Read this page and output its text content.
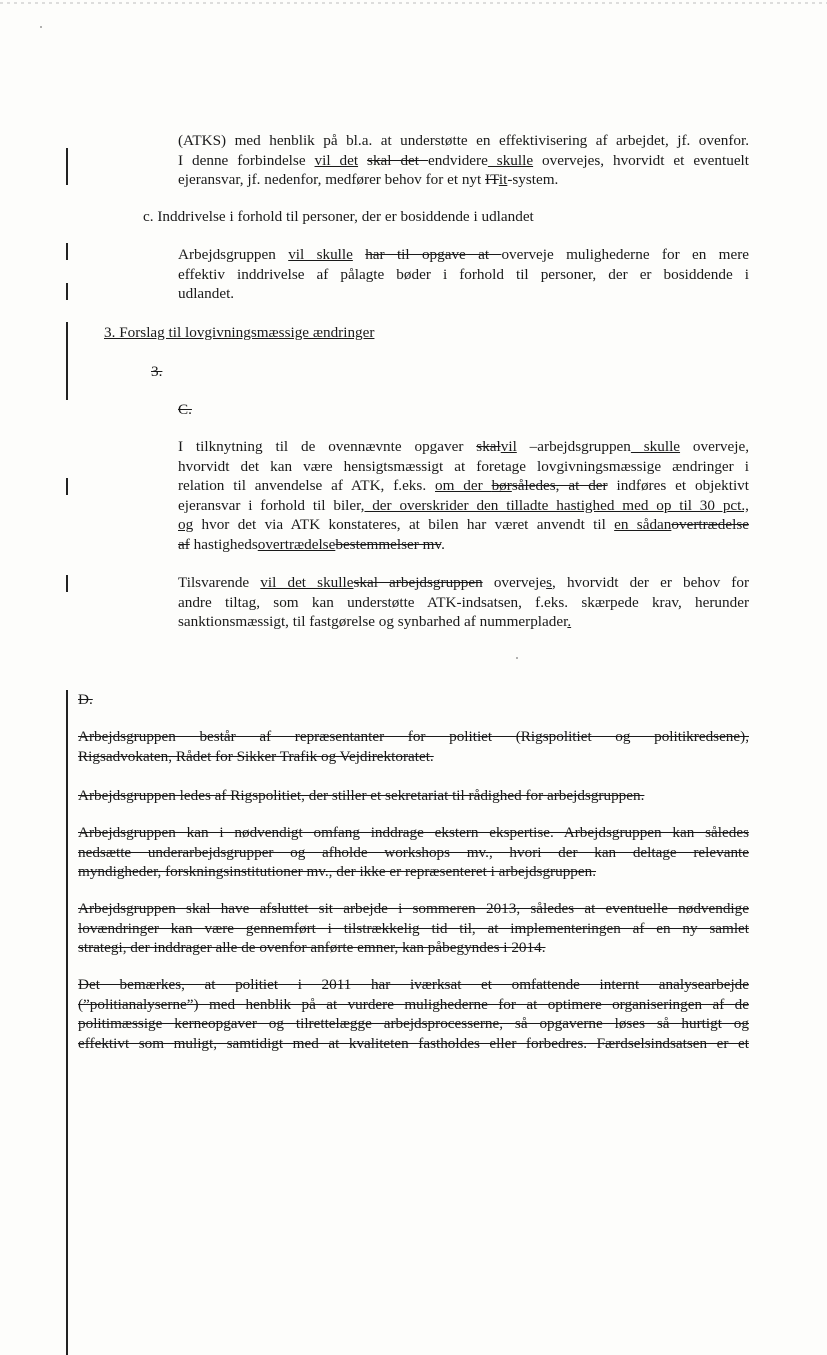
(ATKS) med henblik på bl.a. at understøtte en effektivisering af arbejdet, jf. ovenfor.
I denne forbindelse vil det skal det endvidere skulle overvejes, hvorvidt et eventuelt
ejeransvar, jf. nedenfor, medfører behov for et nyt ITit-system.
c. Inddrivelse i forhold til personer, der er bosiddende i udlandet
Arbejdsgruppen vil skulle har til opgave at overveje mulighederne for en mere
effektiv inddrivelse af pålagte bøder i forhold til personer, der er bosiddende i
udlandet.
3. Forslag til lovgivningsmæssige ændringer
3.
C.
I tilknytning til de ovennævnte opgaver skalvil –arbejdsgruppen skulle overveje,
hvorvidt det kan være hensigtsmæssigt at foretage lovgivningsmæssige ændringer i
relation til anvendelse af ATK, f.eks. om der børsåledes, at der indføres et objektivt
ejeransvar i forhold til biler, der overskrider den tilladte hastighed med op til 30 pct.,
og hvor det via ATK konstateres, at bilen har været anvendt til en sådanovertrædelse
af hastighedsovertrædelsebestemmelser mv.
Tilsvarende vil det skulleskal arbejdsgruppen overvejes, hvorvidt der er behov for
andre tiltag, som kan understøtte ATK-indsatsen, f.eks. skærpede krav, herunder
sanktionsmæssigt, til fastgørelse og synbarhed af nummerplader.
D.
Arbejdsgruppen består af repræsentanter for politiet (Rigspolitiet og politikredsene),
Rigsadvokaten, Rådet for Sikker Trafik og Vejdirektoratet.
Arbejdsgruppen ledes af Rigspolitiet, der stiller et sekretariat til rådighed for arbejdsgruppen.
Arbejdsgruppen kan i nødvendigt omfang inddrage ekstern ekspertise. Arbejdsgruppen kan således
nedsætte underarbejdsgrupper og afholde workshops mv., hvori der kan deltage relevante
myndigheder, forskningsinstitutioner mv., der ikke er repræsenteret i arbejdsgruppen.
Arbejdsgruppen skal have afsluttet sit arbejde i sommeren 2013, således at eventuelle nødvendige
lovændringer kan være gennemført i tilstrækkelig tid til, at implementeringen af en ny samlet
strategi, der inddrager alle de ovenfor anførte emner, kan påbegyndes i 2014.
Det bemærkes, at politiet i 2011 har iværksat et omfattende internt analysearbejde
(”politianalyserne”) med henblik på at vurdere mulighederne for at optimere organiseringen af de
politimæssige kerneopgaver og tilrettelægge arbejdsprocesserne, så opgaverne løses så hurtigt og
effektivt som muligt, samtidigt med at kvaliteten fastholdes eller forbedres. Færdselsindsatsen er et
